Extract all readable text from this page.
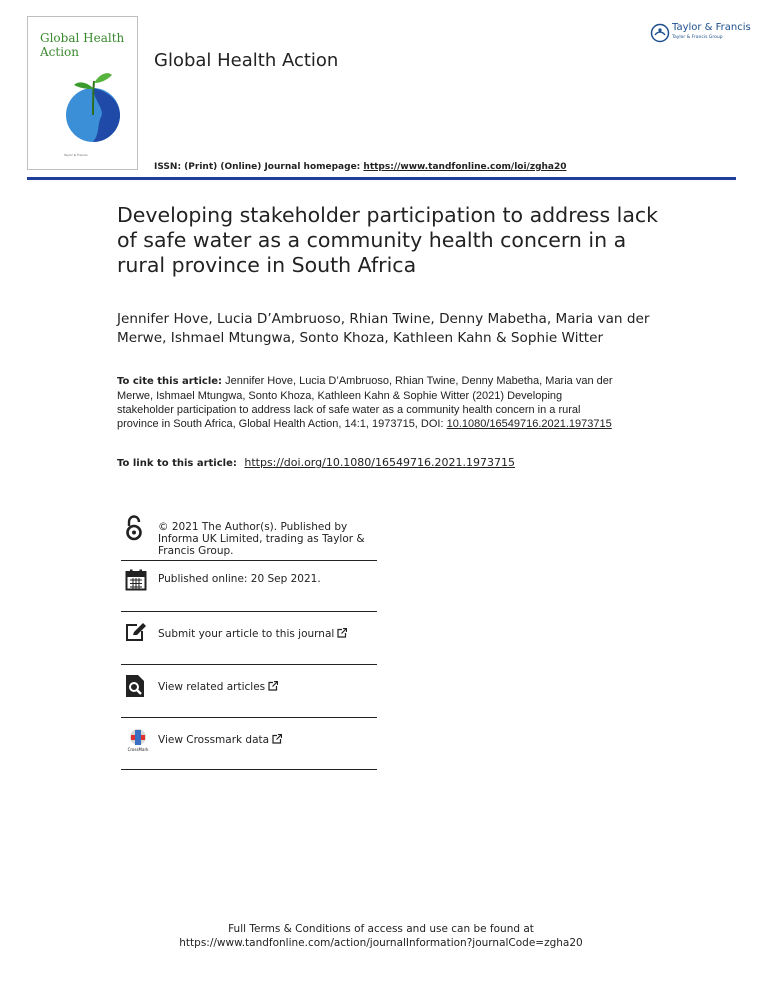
Global Health Action
Taylor & Francis
Global Health Action
ISSN: (Print) (Online) Journal homepage: https://www.tandfonline.com/loi/zgha20
Taylor & Francis
Taylor & Francis Group
Developing stakeholder participation to address lack of safe water as a community health concern in a rural province in South Africa
Jennifer Hove, Lucia D’Ambruoso, Rhian Twine, Denny Mabetha, Maria van der Merwe, Ishmael Mtungwa, Sonto Khoza, Kathleen Kahn & Sophie Witter
To cite this article: Jennifer Hove, Lucia D’Ambruoso, Rhian Twine, Denny Mabetha, Maria van der Merwe, Ishmael Mtungwa, Sonto Khoza, Kathleen Kahn & Sophie Witter (2021) Developing stakeholder participation to address lack of safe water as a community health concern in a rural province in South Africa, Global Health Action, 14:1, 1973715, DOI: 10.1080/16549716.2021.1973715
To link to this article: https://doi.org/10.1080/16549716.2021.1973715
© 2021 The Author(s). Published by Informa UK Limited, trading as Taylor & Francis Group.
Published online: 20 Sep 2021.
Submit your article to this journal
View related articles
CrossMark
View Crossmark data
Full Terms & Conditions of access and use can be found at
https://www.tandfonline.com/action/journalInformation?journalCode=zgha20
